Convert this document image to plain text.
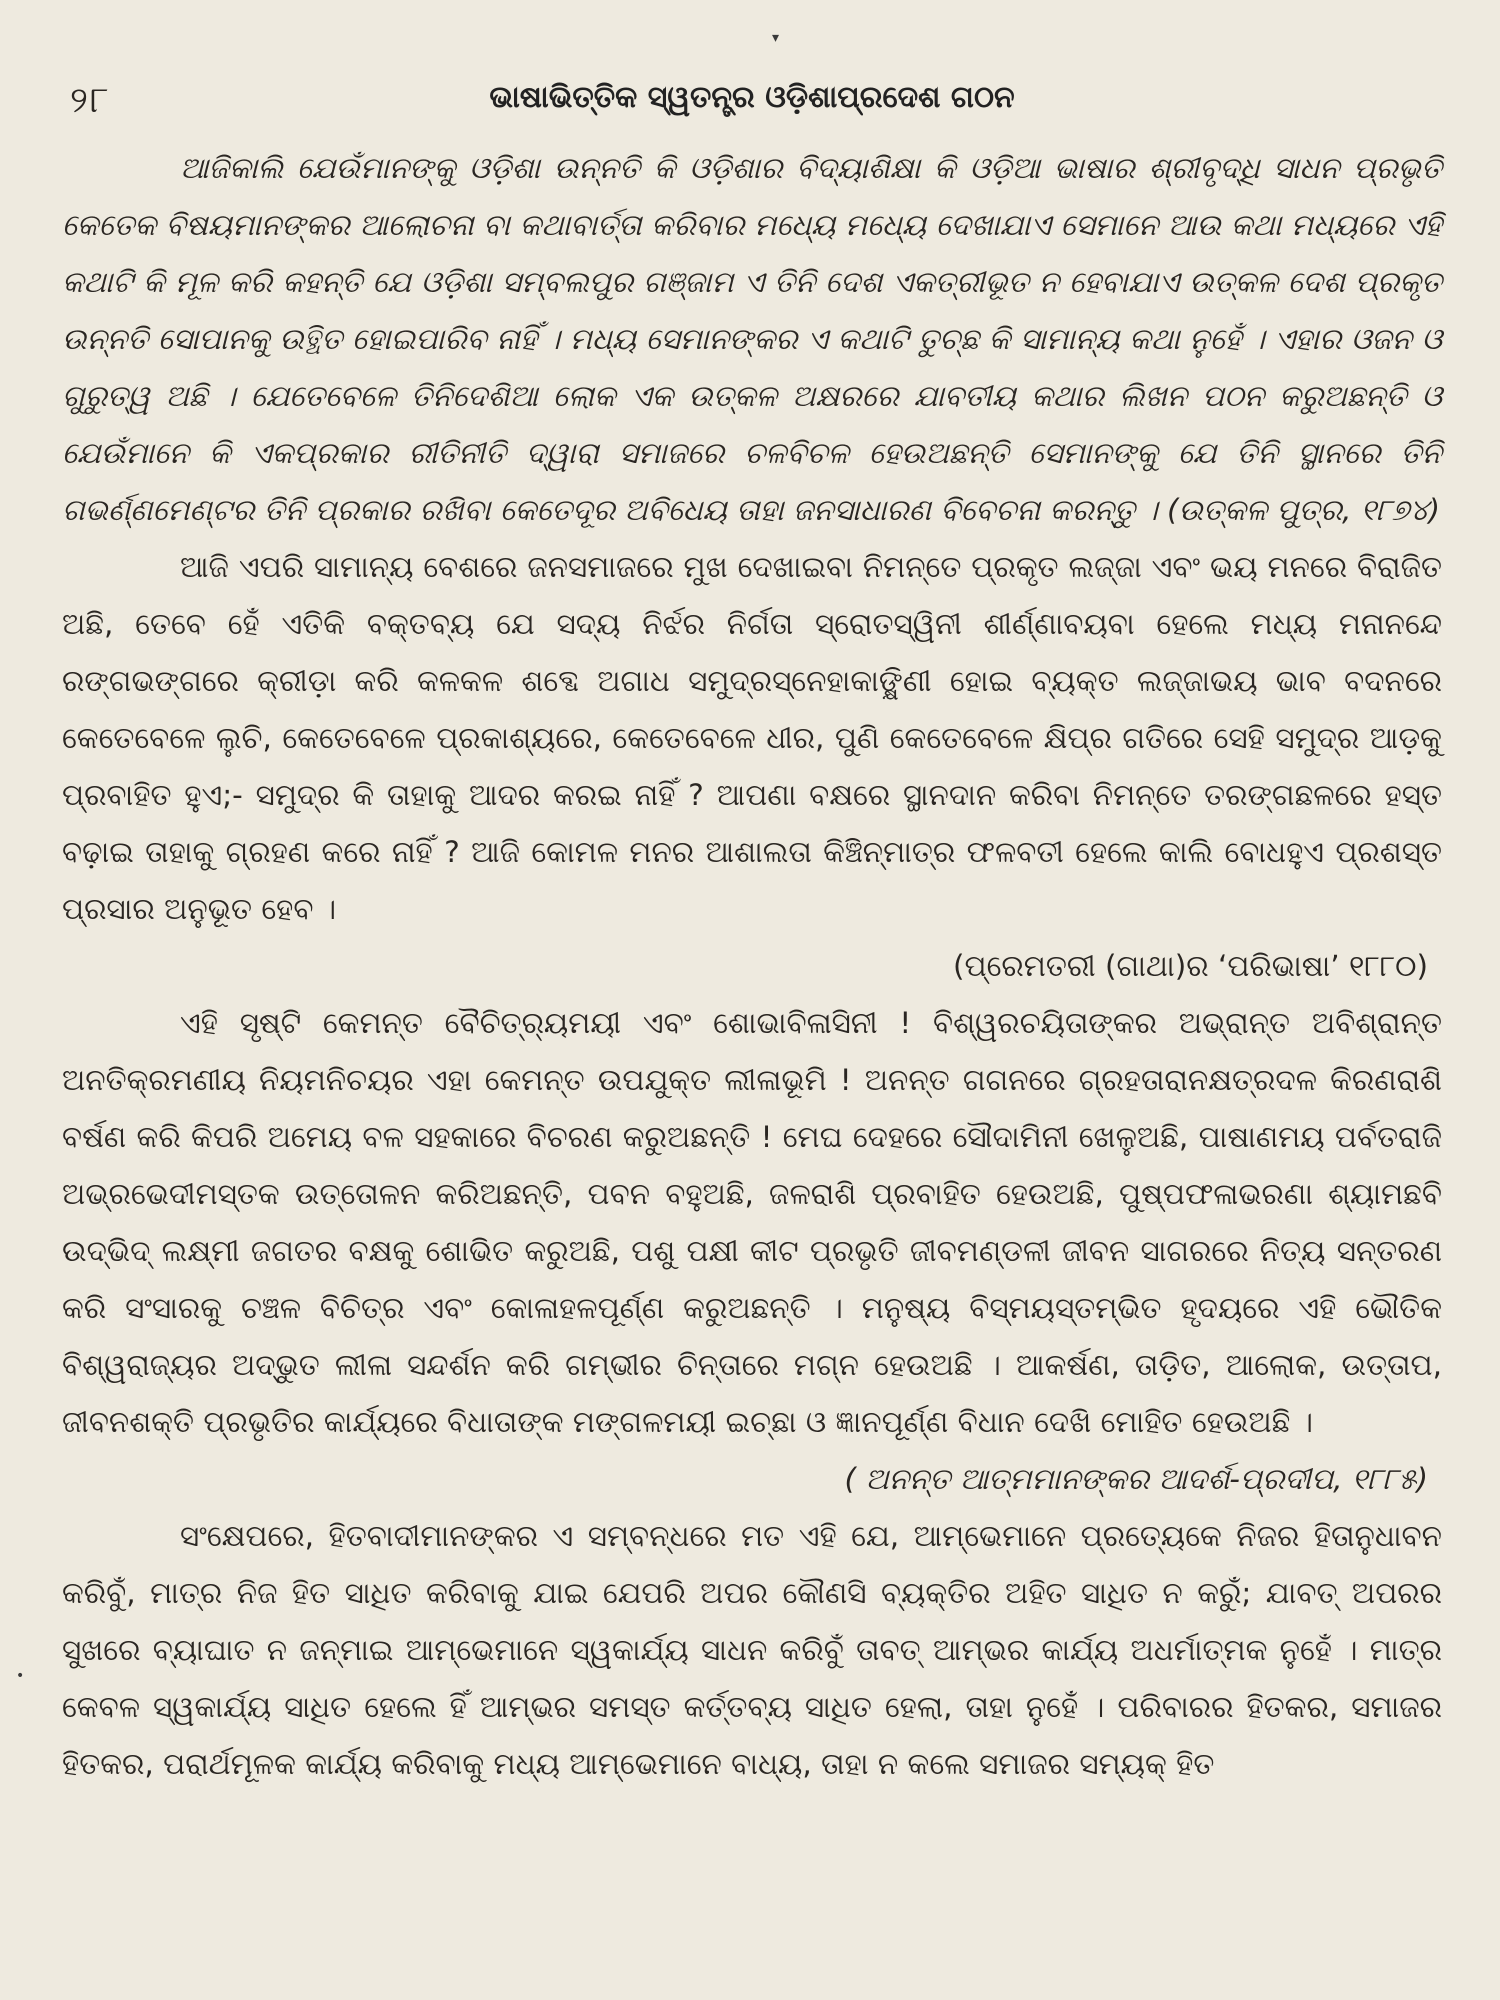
୨୮	ଭାଷାଭିତ୍ତିକ ସ୍ୱତନ୍ତ୍ର ଓଡ଼ିଶାପ୍ରଦେଶ ଗଠନ

ଆଜିକାଲି ଯେଉଁମାନଙ୍କୁ ଓଡ଼ିଶା ଉନ୍ନତି କି ଓଡ଼ିଶାର ବିଦ୍ୟାଶିକ୍ଷା କି ଓଡ଼ିଆ ଭାଷାର ଶ୍ରୀବୃଦ୍ଧି ସାଧନ ପ୍ରଭୃତି କେତେକ ବିଷୟମାନଙ୍କର ଆଲୋଚନା ବା କଥାବାର୍ତ୍ତା କରିବାର ମଧ୍ୟେ ମଧ୍ୟେ ଦେଖାଯାଏ ସେମାନେ ଆଉ କଥା ମଧ୍ୟରେ ଏହି କଥାଟି କି ମୂଳ କରି କହନ୍ତି ଯେ ଓଡ଼ିଶା ସମ୍ବଲପୁର ଗଞ୍ଜାମ ଏ ତିନି ଦେଶ ଏକତ୍ରୀଭୂତ ନ ହେବାଯାଏ ଉତ୍କଳ ଦେଶ ପ୍ରକୃତ ଉନ୍ନତି ସୋପାନକୁ ଉତ୍ଥିତ ହୋଇପାରିବ ନାହିଁ । ମଧ୍ୟ ସେମାନଙ୍କର ଏ କଥାଟି ତୁଚ୍ଛ କି ସାମାନ୍ୟ କଥା ନୁହେଁ । ଏହାର ଓଜନ ଓ ଗୁରୁତ୍ୱ ଅଛି । ଯେତେବେଳେ ତିନିଦେଶିଆ ଲୋକ ଏକ ଉତ୍କଳ ଅକ୍ଷରରେ ଯାବତୀୟ କଥାର ଲିଖନ ପଠନ କରୁଅଛନ୍ତି ଓ ଯେଉଁମାନେ କି ଏକପ୍ରକାର ରୀତିନୀତି ଦ୍ୱାରା ସମାଜରେ ଚଳବିଚଳ ହେଉଅଛନ୍ତି ସେମାନଙ୍କୁ ଯେ ତିନି ସ୍ଥାନରେ ତିନି ଗଭର୍ଣ୍ଣମେଣ୍ଟର ତିନି ପ୍ରକାର ରଖିବା କେତେଦୂର ଅବିଧେୟ ତାହା ଜନସାଧାରଣ ବିବେଚନା କରନ୍ତୁ । (ଉତ୍କଳ ପୁତ୍ର, ୧୮୭୪)

ଆଜି ଏପରି ସାମାନ୍ୟ ବେଶରେ ଜନସମାଜରେ ମୁଖ ଦେଖାଇବା ନିମନ୍ତେ ପ୍ରକୃତ ଲଜ୍ଜା ଏବଂ ଭୟ ମନରେ ବିରାଜିତ ଅଛି, ତେବେ ହେଁ ଏତିକି ବକ୍ତବ୍ୟ ଯେ ସଦ୍ୟ ନିର୍ଝର ନିର୍ଗତା ସ୍ରୋତସ୍ୱିନୀ ଶୀର୍ଣ୍ଣାବୟବା ହେଲେ ମଧ୍ୟ ମନାନନ୍ଦେ ରଙ୍ଗଭଙ୍ଗରେ କ୍ରୀଡ଼ା କରି କଳକଳ ଶବ୍ଦେ ଅଗାଧ ସମୁଦ୍ରସ୍ନେହାକାଙ୍କ୍ଷିଣୀ ହୋଇ ବ୍ୟକ୍ତ ଲଜ୍ଜାଭୟ ଭାବ ବଦନରେ କେତେବେଳେ ଲୁଚି, କେତେବେଳେ ପ୍ରକାଶ୍ୟରେ, କେତେବେଳେ ଧୀର, ପୁଣି କେତେବେଳେ କ୍ଷିପ୍ର ଗତିରେ ସେହି ସମୁଦ୍ର ଆଡ଼କୁ ପ୍ରବାହିତ ହୁଏ;- ସମୁଦ୍ର କି ତାହାକୁ ଆଦର କରଇ ନାହିଁ ? ଆପଣା ବକ୍ଷରେ ସ୍ଥାନଦାନ କରିବା ନିମନ୍ତେ ତରଙ୍ଗଛଳରେ ହସ୍ତ ବଢ଼ାଇ ତାହାକୁ ଗ୍ରହଣ କରେ ନାହିଁ ? ଆଜି କୋମଳ ମନର ଆଶାଲତା କିଞ୍ଚିନ୍ମାତ୍ର ଫଳବତୀ ହେଲେ କାଲି ବୋଧହୁଏ ପ୍ରଶସ୍ତ ପ୍ରସାର ଅନୁଭୂତ ହେବ ।

(ପ୍ରେମତରୀ (ଗାଥା)ର ‘ପରିଭାଷା’ ୧୮୮୦)

ଏହି ସୃଷ୍ଟି କେମନ୍ତ ବୈଚିତ୍ର୍ୟମୟୀ ଏବଂ ଶୋଭାବିଳାସିନୀ ! ବିଶ୍ୱରଚୟିତାଙ୍କର ଅଭ୍ରାନ୍ତ ଅବିଶ୍ରାନ୍ତ ଅନତିକ୍ରମଣୀୟ ନିୟମନିଚୟର ଏହା କେମନ୍ତ ଉପଯୁକ୍ତ ଲୀଳାଭୂମି ! ଅନନ୍ତ ଗଗନରେ ଗ୍ରହତାରାନକ୍ଷତ୍ରଦଳ କିରଣରାଶି ବର୍ଷଣ କରି କିପରି ଅମେୟ ବଳ ସହକାରେ ବିଚରଣ କରୁଅଛନ୍ତି ! ମେଘ ଦେହରେ ସୌଦାମିନୀ ଖେଳୁଅଛି, ପାଷାଣମୟ ପର୍ବତରାଜି ଅଭ୍ରଭେଦୀମସ୍ତକ ଉତ୍ତୋଳନ କରିଅଛନ୍ତି, ପବନ ବହୁଅଛି, ଜଳରାଶି ପ୍ରବାହିତ ହେଉଅଛି, ପୁଷ୍ପଫଳାଭରଣା ଶ୍ୟାମଛବି ଉଦ୍ଭିଦ୍ ଲକ୍ଷ୍ମୀ ଜଗତର ବକ୍ଷକୁ ଶୋଭିତ କରୁଅଛି, ପଶୁ ପକ୍ଷୀ କୀଟ ପ୍ରଭୃତି ଜୀବମଣ୍ଡଳୀ ଜୀବନ ସାଗରରେ ନିତ୍ୟ ସନ୍ତରଣ କରି ସଂସାରକୁ ଚଞ୍ଚଳ ବିଚିତ୍ର ଏବଂ କୋଳାହଳପୂର୍ଣ୍ଣ କରୁଅଛନ୍ତି । ମନୁଷ୍ୟ ବିସ୍ମୟସ୍ତମ୍ଭିତ ହୃଦୟରେ ଏହି ଭୌତିକ ବିଶ୍ୱରାଜ୍ୟର ଅଦ୍ଭୁତ ଲୀଳା ସନ୍ଦର୍ଶନ କରି ଗମ୍ଭୀର ଚିନ୍ତାରେ ମଗ୍ନ ହେଉଅଛି । ଆକର୍ଷଣ, ତାଡ଼ିତ, ଆଲୋକ, ଉତ୍ତାପ, ଜୀବନଶକ୍ତି ପ୍ରଭୃତିର କାର୍ଯ୍ୟରେ ବିଧାତାଙ୍କ ମଙ୍ଗଳମୟୀ ଇଚ୍ଛା ଓ ଜ୍ଞାନପୂର୍ଣ୍ଣ ବିଧାନ ଦେଖି ମୋହିତ ହେଉଅଛି ।

( ଅନନ୍ତ ଆତ୍ମମାନଙ୍କର ଆଦର୍ଶ-ପ୍ରଦୀପ, ୧୮୮୫)

ସଂକ୍ଷେପରେ, ହିତବାଦୀମାନଙ୍କର ଏ ସମ୍ବନ୍ଧରେ ମତ ଏହି ଯେ, ଆମ୍ଭେମାନେ ପ୍ରତ୍ୟେକେ ନିଜର ହିତାନୁଧାବନ କରିବୁଁ, ମାତ୍ର ନିଜ ହିତ ସାଧିତ କରିବାକୁ ଯାଇ ଯେପରି ଅପର କୌଣସି ବ୍ୟକ୍ତିର ଅହିତ ସାଧିତ ନ କରୁଁ; ଯାବତ୍ ଅପରର ସୁଖରେ ବ୍ୟାଘାତ ନ ଜନ୍ମାଇ ଆମ୍ଭେମାନେ ସ୍ୱକାର୍ଯ୍ୟ ସାଧନ କରିବୁଁ ତାବତ୍ ଆମ୍ଭର କାର୍ଯ୍ୟ ଅଧର୍ମାତ୍ମକ ନୁହେଁ । ମାତ୍ର କେବଳ ସ୍ୱକାର୍ଯ୍ୟ ସାଧିତ ହେଲେ ହିଁ ଆମ୍ଭର ସମସ୍ତ କର୍ତ୍ତବ୍ୟ ସାଧିତ ହେଲା, ତାହା ନୁହେଁ । ପରିବାରର ହିତକର, ସମାଜର ହିତକର, ପରାର୍ଥମୂଳକ କାର୍ଯ୍ୟ କରିବାକୁ ମଧ୍ୟ ଆମ୍ଭେମାନେ ବାଧ୍ୟ, ତାହା ନ କଲେ ସମାଜର ସମ୍ୟକ୍ ହିତ

▾
•
